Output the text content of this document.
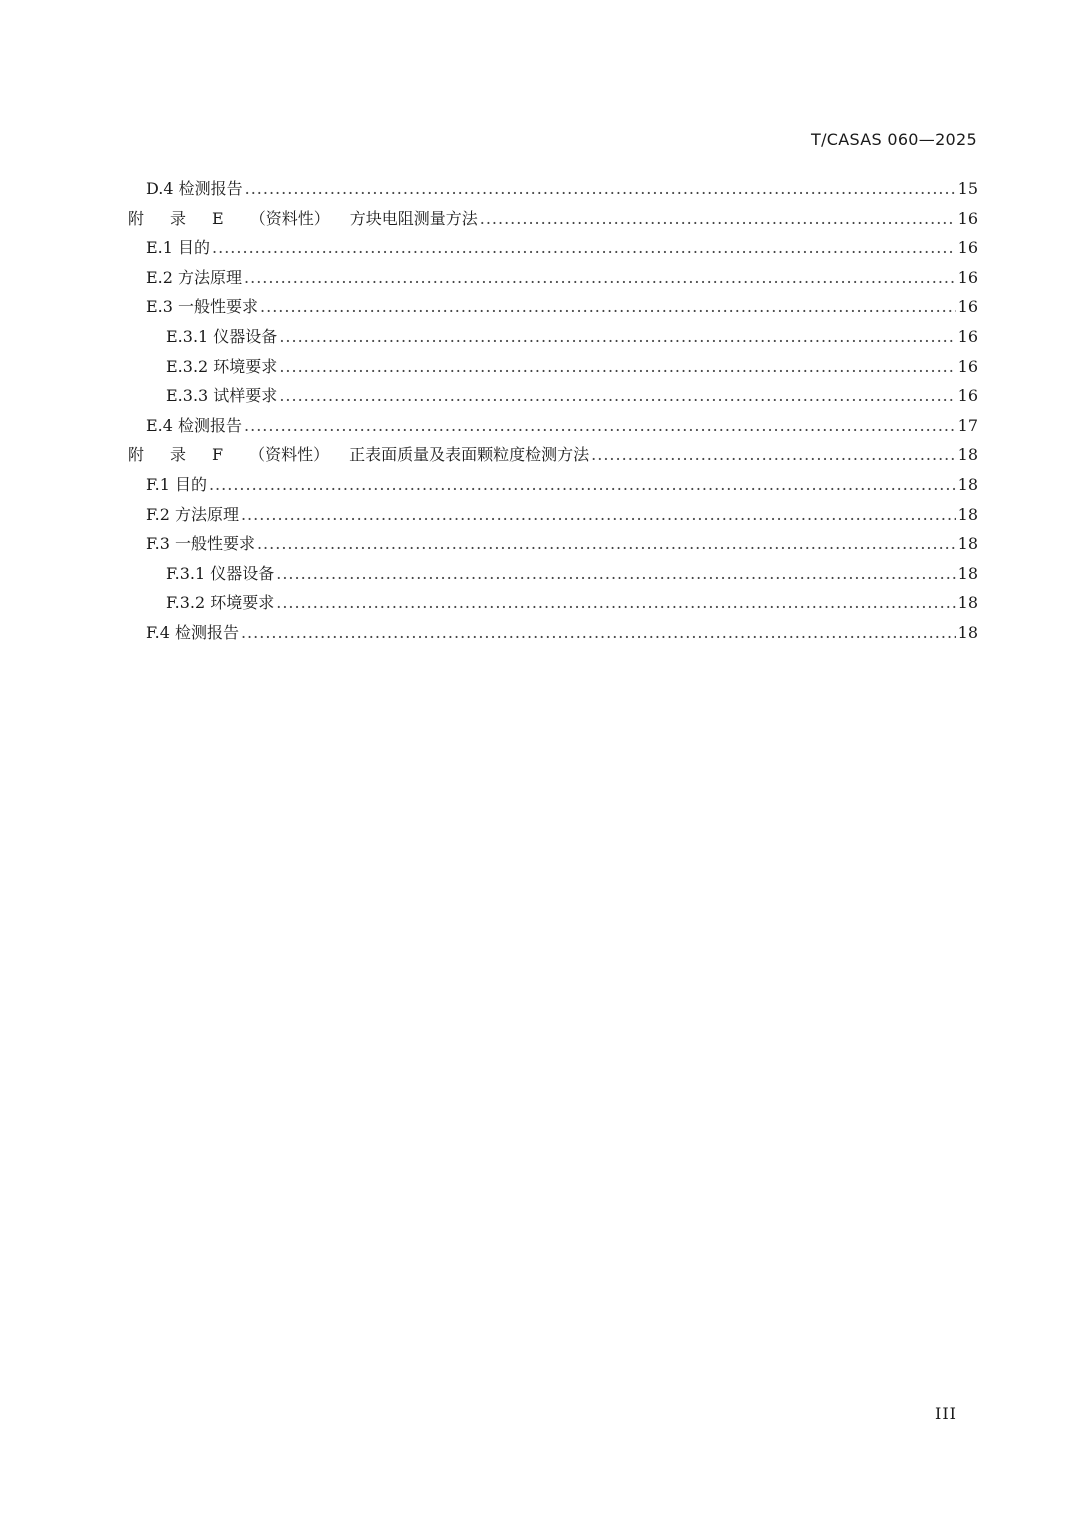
T/CASAS 060—2025
D.4 检测报告 .....	15
附 录 E （资料性） 方块电阻测量方法 .....	16
E.1 目的 .....	16
E.2 方法原理 .....	16
E.3 一般性要求 .....	16
E.3.1 仪器设备 .....	16
E.3.2 环境要求 .....	16
E.3.3 试样要求 .....	16
E.4 检测报告 .....	17
附 录 F （资料性） 正表面质量及表面颗粒度检测方法 .....	18
F.1 目的 .....	18
F.2 方法原理 .....	18
F.3 一般性要求 .....	18
F.3.1 仪器设备 .....	18
F.3.2 环境要求 .....	18
F.4 检测报告 .....	18
III
